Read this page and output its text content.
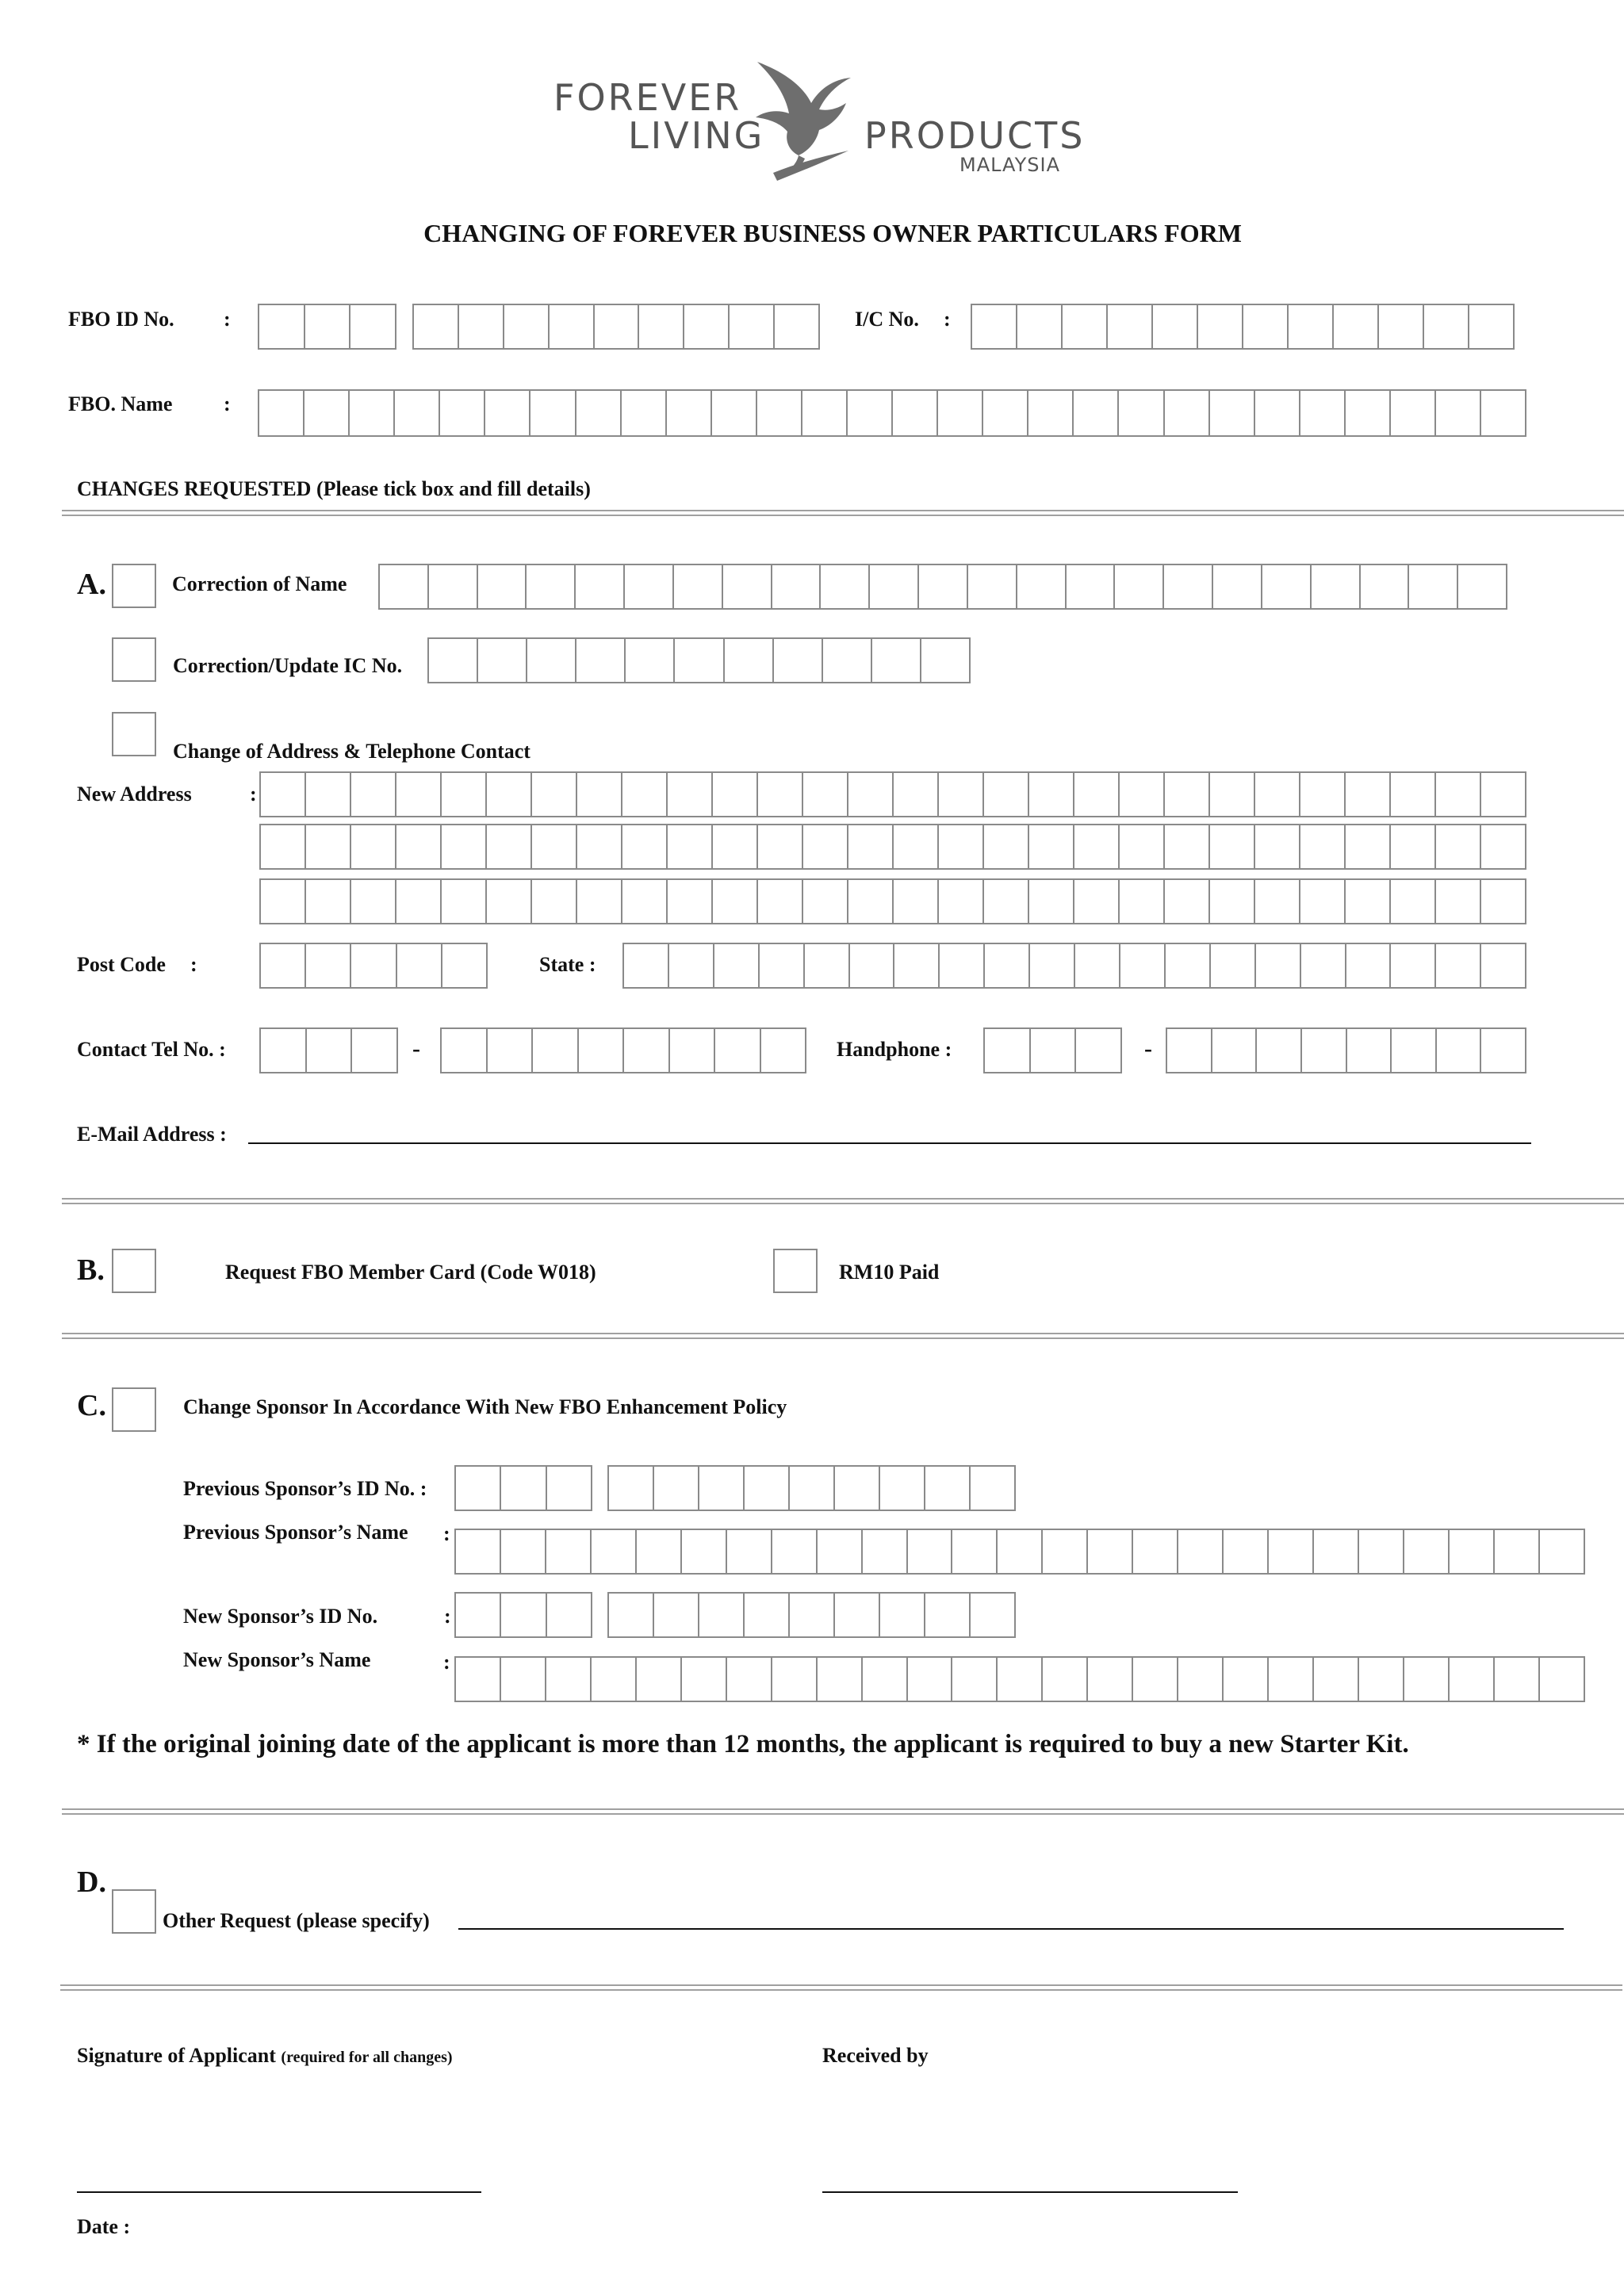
FOREVER
LIVING	PRODUCTS
MALAYSIA
CHANGING OF FOREVER BUSINESS OWNER PARTICULARS FORM
FBO ID No. :	I/C No. :
FBO. Name :
CHANGES REQUESTED (Please tick box and fill details)
A.	Correction of Name
Correction/Update IC No.
Change of Address & Telephone Contact
New Address	:
Post Code :	State :
Contact Tel No. :	-	Handphone :	-
E-Mail Address :
B.	Request FBO Member Card (Code W018)	RM10 Paid
C.	Change Sponsor In Accordance With New FBO Enhancement Policy
Previous Sponsor’s ID No. :
Previous Sponsor’s Name :
New Sponsor’s ID No.	:
New Sponsor’s Name	:
* If the original joining date of the applicant is more than 12 months, the applicant is required to buy a new Starter Kit.
D.
Other Request (please specify)
Signature of Applicant (required for all changes)	Received by
Date :
